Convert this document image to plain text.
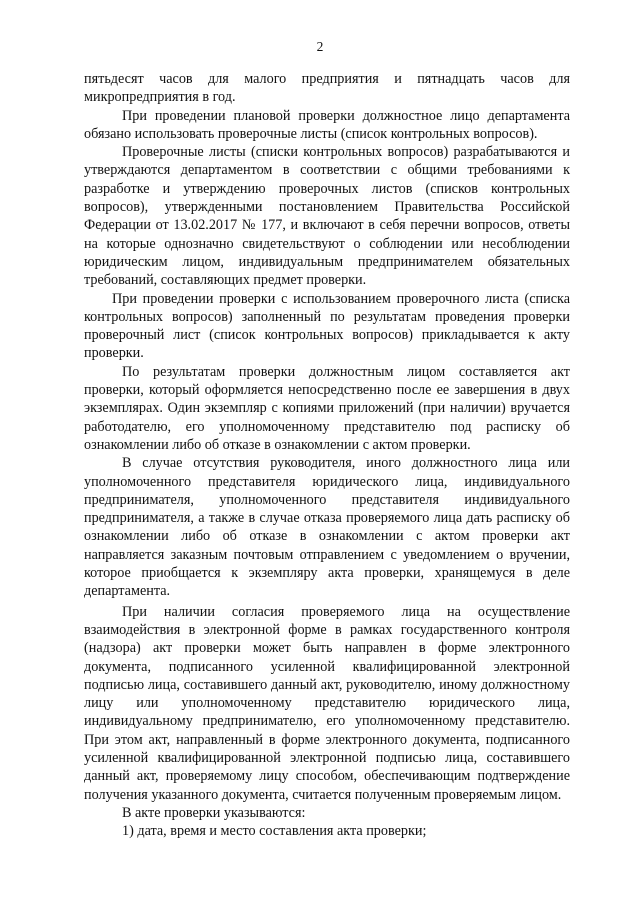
2

пятьдесят часов для малого предприятия и пятнадцать часов для микропредприятия в год.

При проведении плановой проверки должностное лицо департамента обязано использовать проверочные листы (список контрольных вопросов).

Проверочные листы (списки контрольных вопросов) разрабатываются и утверждаются департаментом в соответствии с общими требованиями к разработке и утверждению проверочных листов (списков контрольных вопросов), утвержденными постановлением Правительства Российской Федерации от 13.02.2017 № 177, и включают в себя перечни вопросов, ответы на которые однозначно свидетельствуют о соблюдении или несоблюдении юридическим лицом, индивидуальным предпринимателем обязательных требований, составляющих предмет проверки.

При проведении проверки с использованием проверочного листа (списка контрольных вопросов) заполненный по результатам проведения проверки проверочный лист (список контрольных вопросов) прикладывается к акту проверки.

По результатам проверки должностным лицом составляется акт проверки, который оформляется непосредственно после ее завершения в двух экземплярах. Один экземпляр с копиями приложений (при наличии) вручается работодателю, его уполномоченному представителю под расписку об ознакомлении либо об отказе в ознакомлении с актом проверки.

В случае отсутствия руководителя, иного должностного лица или уполномоченного представителя юридического лица, индивидуального предпринимателя, уполномоченного представителя индивидуального предпринимателя, а также в случае отказа проверяемого лица дать расписку об ознакомлении либо об отказе в ознакомлении с актом проверки акт направляется заказным почтовым отправлением с уведомлением о вручении, которое приобщается к экземпляру акта проверки, хранящемуся в деле департамента.

При наличии согласия проверяемого лица на осуществление взаимодействия в электронной форме в рамках государственного контроля (надзора) акт проверки может быть направлен в форме электронного документа, подписанного усиленной квалифицированной электронной подписью лица, составившего данный акт, руководителю, иному должностному лицу или уполномоченному представителю юридического лица, индивидуальному предпринимателю, его уполномоченному представителю. При этом акт, направленный в форме электронного документа, подписанного усиленной квалифицированной электронной подписью лица, составившего данный акт, проверяемому лицу способом, обеспечивающим подтверждение получения указанного документа, считается полученным проверяемым лицом.

В акте проверки указываются:

1) дата, время и место составления акта проверки;
